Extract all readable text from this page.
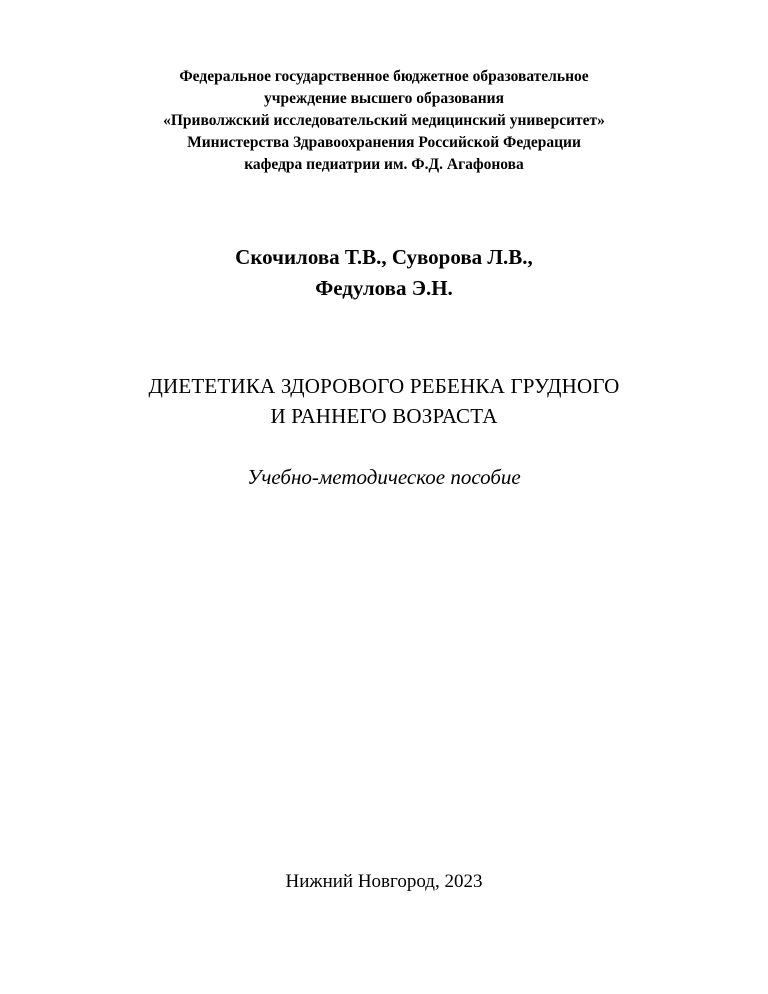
Федеральное государственное бюджетное образовательное
учреждение высшего образования
«Приволжский исследовательский медицинский университет»
Министерства Здравоохранения Российской Федерации
кафедра педиатрии им. Ф.Д. Агафонова
Скочилова Т.В., Суворова Л.В.,
Федулова Э.Н.
ДИЕТЕТИКА ЗДОРОВОГО РЕБЕНКА ГРУДНОГО
И РАННЕГО ВОЗРАСТА
Учебно-методическое пособие
Нижний Новгород, 2023
